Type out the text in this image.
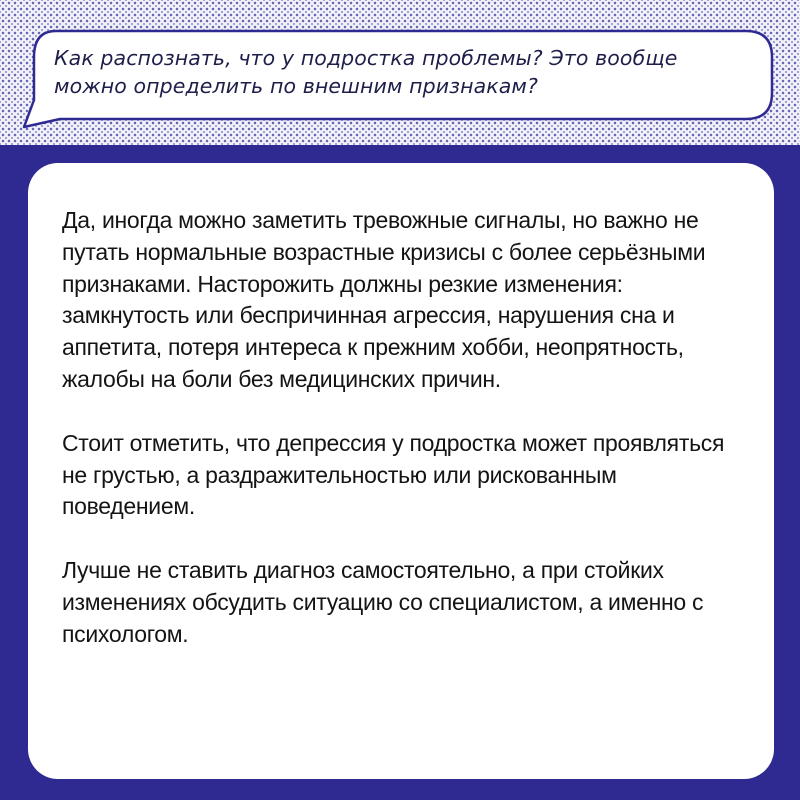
Как распознать, что у подростка проблемы? Это вообще можно определить по внешним признакам?

Да, иногда можно заметить тревожные сигналы, но важно не путать нормальные возрастные кризисы с более серьёзными признаками. Насторожить должны резкие изменения: замкнутость или беспричинная агрессия, нарушения сна и аппетита, потеря интереса к прежним хобби, неопрятность, жалобы на боли без медицинских причин.

Стоит отметить, что депрессия у подростка может проявляться не грустью, а раздражительностью или рискованным поведением.

Лучше не ставить диагноз самостоятельно, а при стойких изменениях обсудить ситуацию со специалистом, а именно с психологом.
